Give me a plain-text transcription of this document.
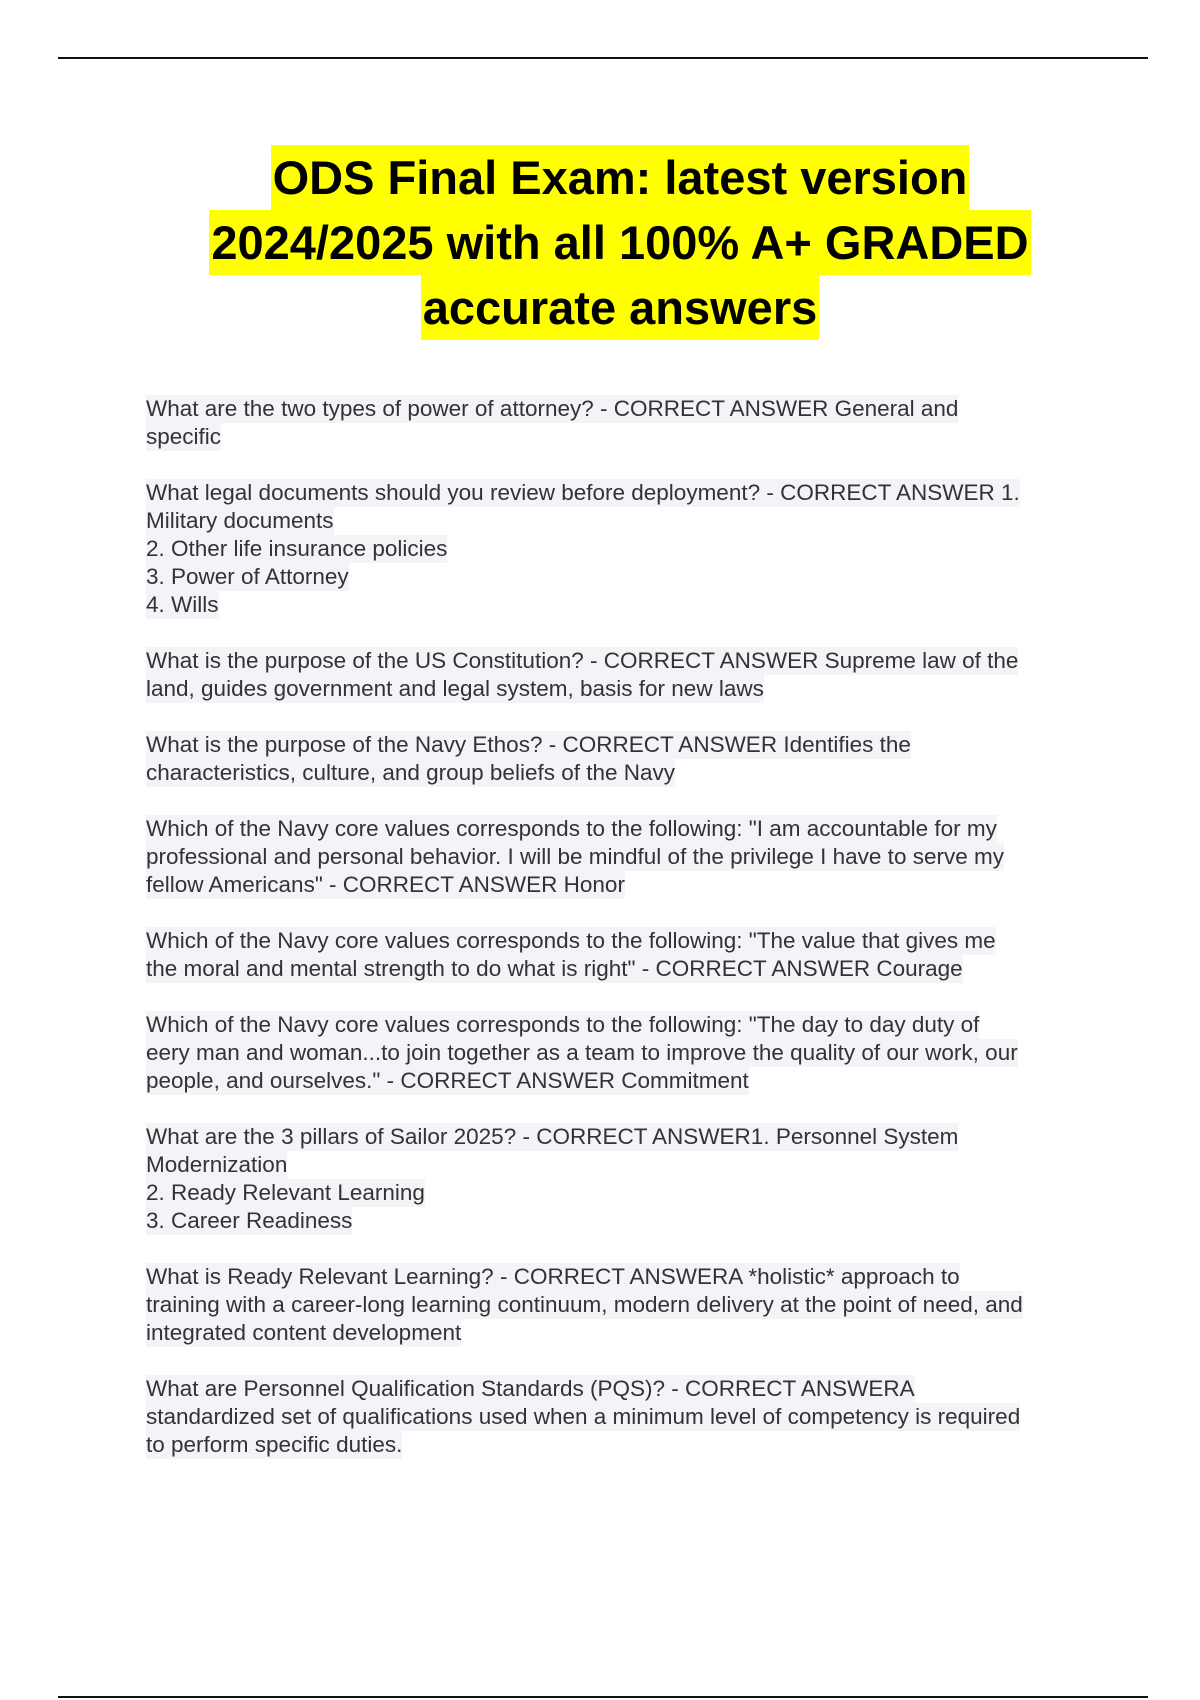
ODS Final Exam: latest version
2024/2025 with all 100% A+ GRADED
accurate answers

What are the two types of power of attorney? - CORRECT ANSWER General and
specific
What legal documents should you review before deployment? - CORRECT ANSWER 1.
Military documents
2. Other life insurance policies
3. Power of Attorney
4. Wills
What is the purpose of the US Constitution? - CORRECT ANSWER Supreme law of the
land, guides government and legal system, basis for new laws
What is the purpose of the Navy Ethos? - CORRECT ANSWER Identifies the
characteristics, culture, and group beliefs of the Navy
Which of the Navy core values corresponds to the following: "I am accountable for my
professional and personal behavior. I will be mindful of the privilege I have to serve my
fellow Americans" - CORRECT ANSWER Honor
Which of the Navy core values corresponds to the following: "The value that gives me
the moral and mental strength to do what is right" - CORRECT ANSWER Courage
Which of the Navy core values corresponds to the following: "The day to day duty of
eery man and woman...to join together as a team to improve the quality of our work, our
people, and ourselves." - CORRECT ANSWER Commitment
What are the 3 pillars of Sailor 2025? - CORRECT ANSWER1. Personnel System
Modernization
2. Ready Relevant Learning
3. Career Readiness
What is Ready Relevant Learning? - CORRECT ANSWERA *holistic* approach to
training with a career-long learning continuum, modern delivery at the point of need, and
integrated content development
What are Personnel Qualification Standards (PQS)? - CORRECT ANSWERA
standardized set of qualifications used when a minimum level of competency is required
to perform specific duties.
